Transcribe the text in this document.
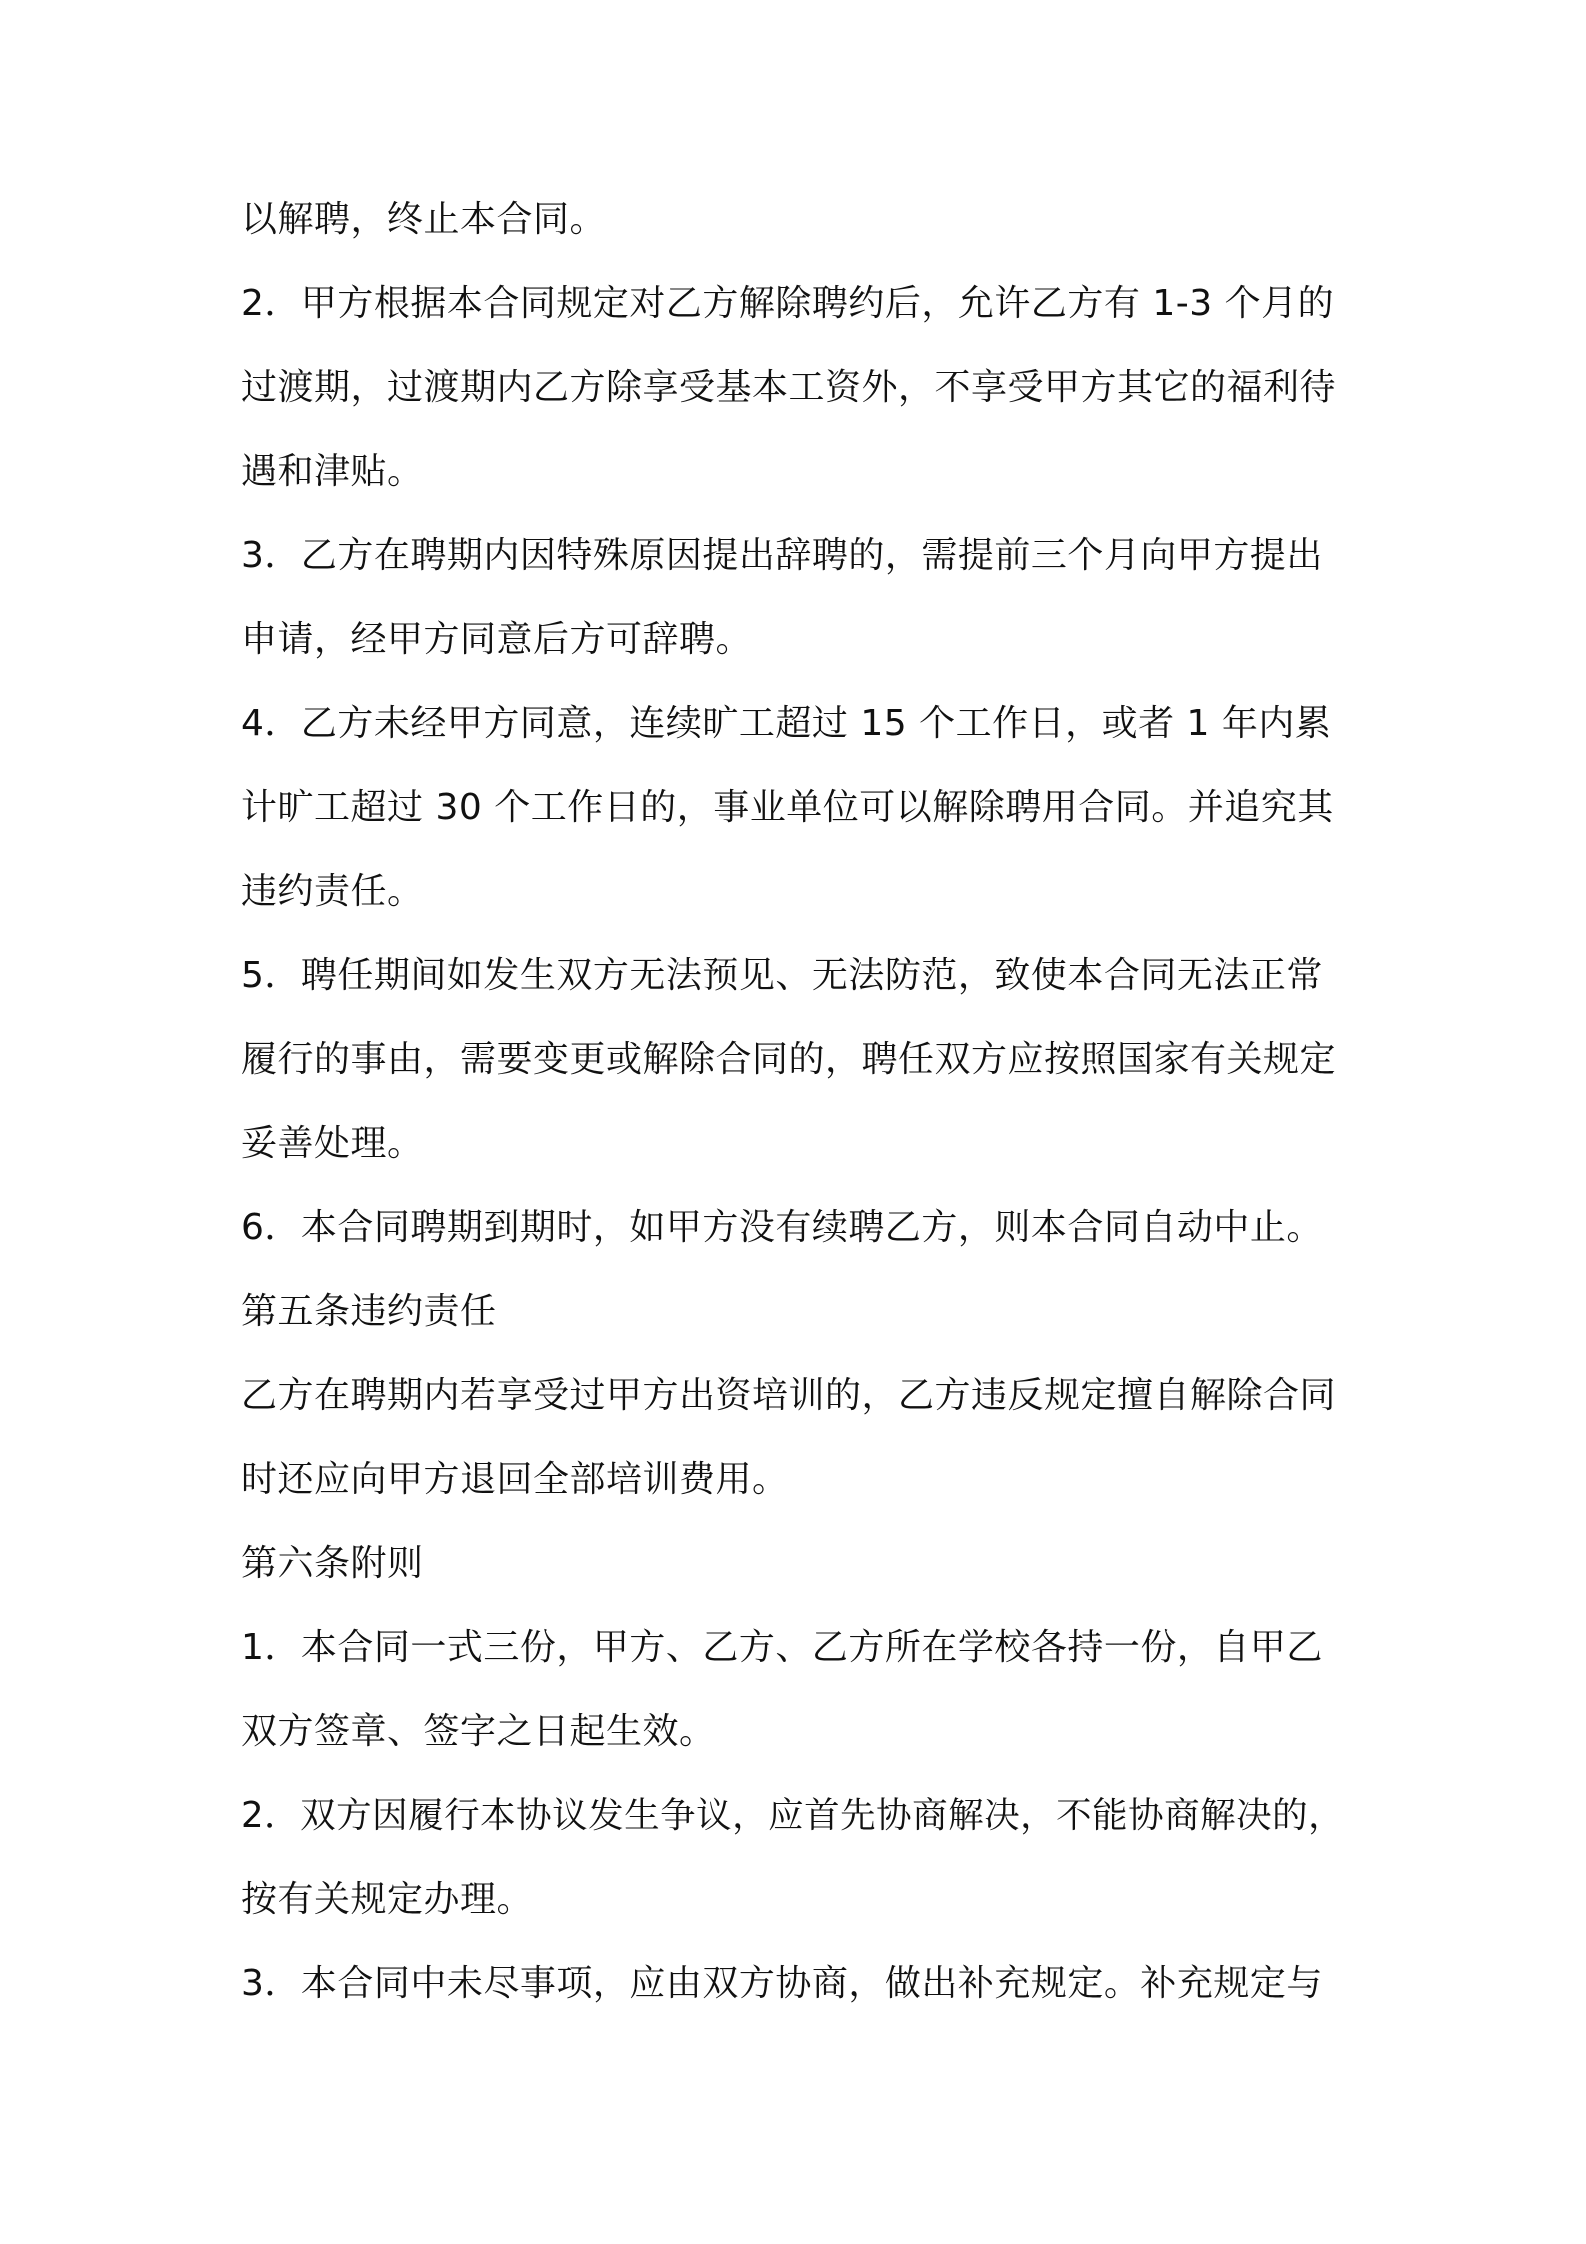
以解聘，终止本合同。
2．甲方根据本合同规定对乙方解除聘约后，允许乙方有 1-3 个月的
过渡期，过渡期内乙方除享受基本工资外，不享受甲方其它的福利待
遇和津贴。
3．乙方在聘期内因特殊原因提出辞聘的，需提前三个月向甲方提出
申请，经甲方同意后方可辞聘。
4．乙方未经甲方同意，连续旷工超过 15 个工作日，或者 1 年内累
计旷工超过 30 个工作日的，事业单位可以解除聘用合同。并追究其
违约责任。
5．聘任期间如发生双方无法预见、无法防范，致使本合同无法正常
履行的事由，需要变更或解除合同的，聘任双方应按照国家有关规定
妥善处理。
6．本合同聘期到期时，如甲方没有续聘乙方，则本合同自动中止。
第五条违约责任
乙方在聘期内若享受过甲方出资培训的，乙方违反规定擅自解除合同
时还应向甲方退回全部培训费用。
第六条附则
1．本合同一式三份，甲方、乙方、乙方所在学校各持一份，自甲乙
双方签章、签字之日起生效。
2．双方因履行本协议发生争议，应首先协商解决，不能协商解决的，
按有关规定办理。
3．本合同中未尽事项，应由双方协商，做出补充规定。补充规定与
